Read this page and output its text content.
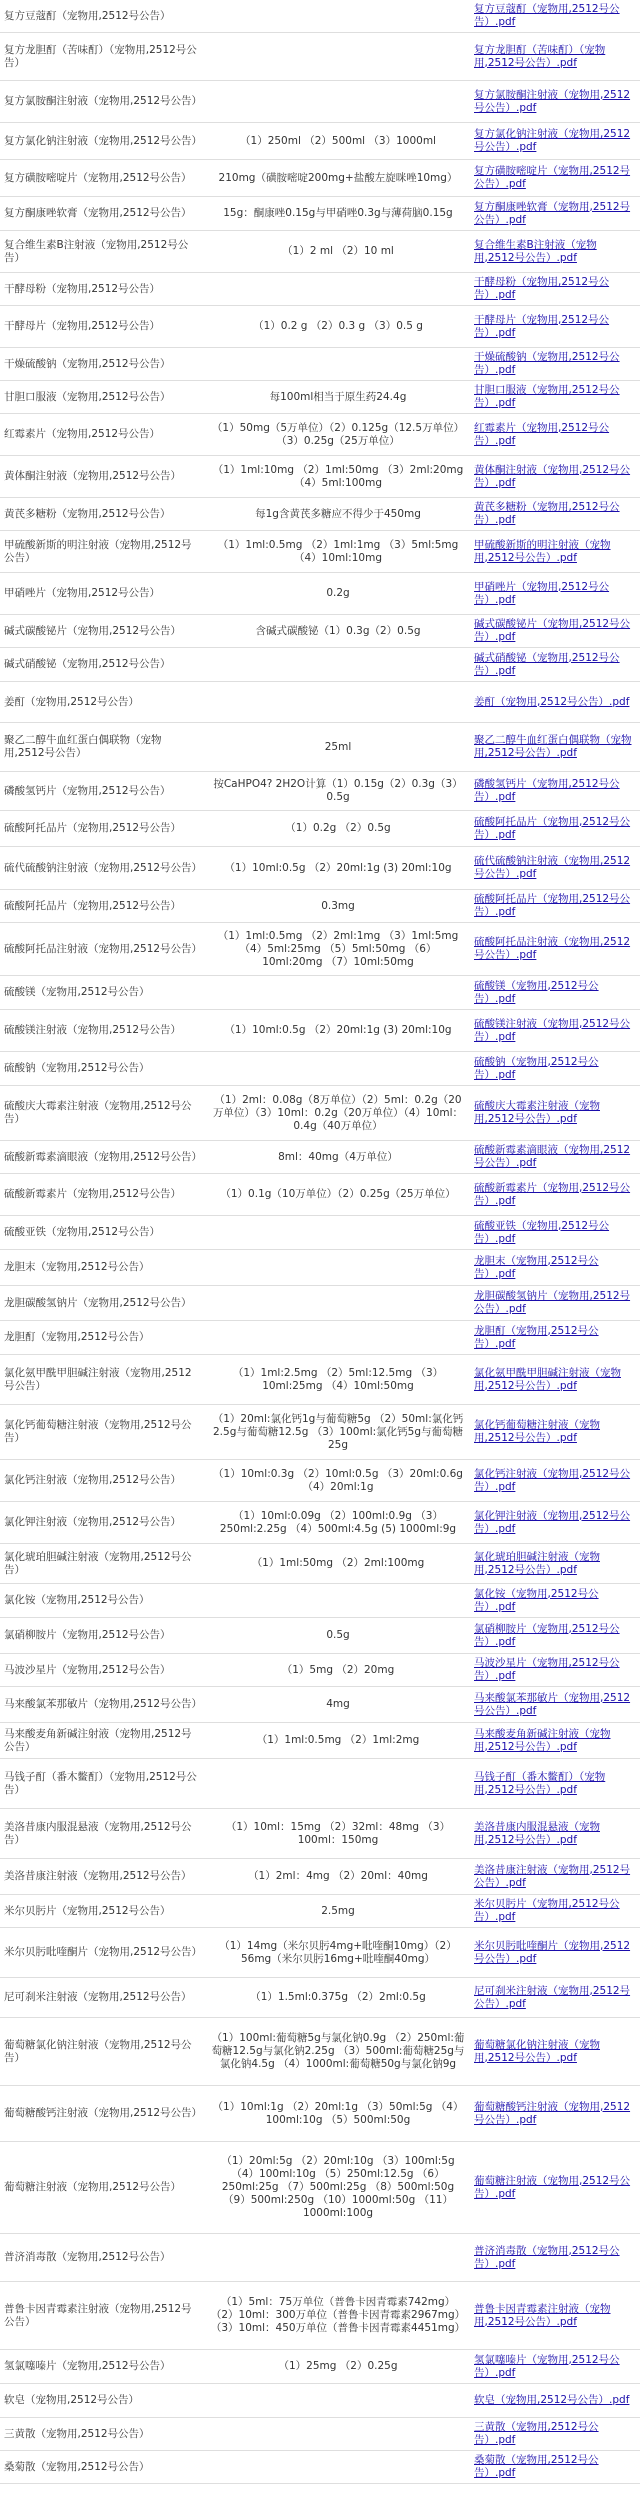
复方豆蔻酊（宠物用,2512号公告）		复方豆蔻酊（宠物用,2512号公告）.pdf
复方龙胆酊（苦味酊）（宠物用,2512号公告）		复方龙胆酊（苦味酊）（宠物用,2512号公告）.pdf
复方氯胺酮注射液（宠物用,2512号公告）		复方氯胺酮注射液（宠物用,2512号公告）.pdf
复方氯化钠注射液（宠物用,2512号公告）	（1）250ml （2）500ml （3）1000ml	复方氯化钠注射液（宠物用,2512号公告）.pdf
复方磺胺嘧啶片（宠物用,2512号公告）	210mg（磺胺嘧啶200mg+盐酸左旋咪唑10mg）	复方磺胺嘧啶片（宠物用,2512号公告）.pdf
复方酮康唑软膏（宠物用,2512号公告）	15g：酮康唑0.15g与甲硝唑0.3g与薄荷脑0.15g	复方酮康唑软膏（宠物用,2512号公告）.pdf
复合维生素B注射液（宠物用,2512号公告）	（1）2 ml （2）10 ml	复合维生素B注射液（宠物用,2512号公告）.pdf
干酵母粉（宠物用,2512号公告）		干酵母粉（宠物用,2512号公告）.pdf
干酵母片（宠物用,2512号公告）	（1）0.2 g （2）0.3 g （3）0.5 g	干酵母片（宠物用,2512号公告）.pdf
干燥硫酸钠（宠物用,2512号公告）		干燥硫酸钠（宠物用,2512号公告）.pdf
甘胆口服液（宠物用,2512号公告）	每100ml相当于原生药24.4g	甘胆口服液（宠物用,2512号公告）.pdf
红霉素片（宠物用,2512号公告）	（1）50mg（5万单位）（2）0.125g（12.5万单位）（3）0.25g（25万单位）	红霉素片（宠物用,2512号公告）.pdf
黄体酮注射液（宠物用,2512号公告）	（1）1ml:10mg （2）1ml:50mg （3）2ml:20mg （4）5ml:100mg	黄体酮注射液（宠物用,2512号公告）.pdf
黄芪多糖粉（宠物用,2512号公告）	每1g含黄芪多糖应不得少于450mg	黄芪多糖粉（宠物用,2512号公告）.pdf
甲硫酸新斯的明注射液（宠物用,2512号公告）	（1）1ml:0.5mg （2）1ml:1mg （3）5ml:5mg （4）10ml:10mg	甲硫酸新斯的明注射液（宠物用,2512号公告）.pdf
甲硝唑片（宠物用,2512号公告）	0.2g	甲硝唑片（宠物用,2512号公告）.pdf
碱式碳酸铋片（宠物用,2512号公告）	含碱式碳酸铋（1）0.3g（2）0.5g	碱式碳酸铋片（宠物用,2512号公告）.pdf
碱式硝酸铋（宠物用,2512号公告）		碱式硝酸铋（宠物用,2512号公告）.pdf
姜酊（宠物用,2512号公告）		姜酊（宠物用,2512号公告）.pdf
聚乙二醇牛血红蛋白偶联物（宠物用,2512号公告）	25ml	聚乙二醇牛血红蛋白偶联物（宠物用,2512号公告）.pdf
磷酸氢钙片（宠物用,2512号公告）	按CaHPO4? 2H2O计算（1）0.15g（2）0.3g（3）0.5g	磷酸氢钙片（宠物用,2512号公告）.pdf
硫酸阿托品片（宠物用,2512号公告）	（1）0.2g （2）0.5g	硫酸阿托品片（宠物用,2512号公告）.pdf
硫代硫酸钠注射液（宠物用,2512号公告）	（1）10ml:0.5g （2）20ml:1g (3) 20ml:10g	硫代硫酸钠注射液（宠物用,2512号公告）.pdf
硫酸阿托品片（宠物用,2512号公告）	0.3mg	硫酸阿托品片（宠物用,2512号公告）.pdf
硫酸阿托品注射液（宠物用,2512号公告）	（1）1ml:0.5mg （2）2ml:1mg （3）1ml:5mg （4）5ml:25mg （5）5ml:50mg （6）10ml:20mg （7）10ml:50mg	硫酸阿托品注射液（宠物用,2512号公告）.pdf
硫酸镁（宠物用,2512号公告）		硫酸镁（宠物用,2512号公告）.pdf
硫酸镁注射液（宠物用,2512号公告）	（1）10ml:0.5g （2）20ml:1g (3) 20ml:10g	硫酸镁注射液（宠物用,2512号公告）.pdf
硫酸钠（宠物用,2512号公告）		硫酸钠（宠物用,2512号公告）.pdf
硫酸庆大霉素注射液（宠物用,2512号公告）	（1）2ml：0.08g（8万单位）（2）5ml：0.2g（20万单位）（3）10ml：0.2g（20万单位）（4）10ml：0.4g（40万单位）	硫酸庆大霉素注射液（宠物用,2512号公告）.pdf
硫酸新霉素滴眼液（宠物用,2512号公告）	8ml：40mg（4万单位）	硫酸新霉素滴眼液（宠物用,2512号公告）.pdf
硫酸新霉素片（宠物用,2512号公告）	（1）0.1g（10万单位）（2）0.25g（25万单位）	硫酸新霉素片（宠物用,2512号公告）.pdf
硫酸亚铁（宠物用,2512号公告）		硫酸亚铁（宠物用,2512号公告）.pdf
龙胆末（宠物用,2512号公告）		龙胆末（宠物用,2512号公告）.pdf
龙胆碳酸氢钠片（宠物用,2512号公告）		龙胆碳酸氢钠片（宠物用,2512号公告）.pdf
龙胆酊（宠物用,2512号公告）		龙胆酊（宠物用,2512号公告）.pdf
氯化氨甲酰甲胆碱注射液（宠物用,2512号公告）	（1）1ml:2.5mg （2）5ml:12.5mg （3）10ml:25mg （4）10ml:50mg	氯化氨甲酰甲胆碱注射液（宠物用,2512号公告）.pdf
氯化钙葡萄糖注射液（宠物用,2512号公告）	（1）20ml:氯化钙1g与葡萄糖5g （2）50ml:氯化钙2.5g与葡萄糖12.5g （3）100ml:氯化钙5g与葡萄糖25g	氯化钙葡萄糖注射液（宠物用,2512号公告）.pdf
氯化钙注射液（宠物用,2512号公告）	（1）10ml:0.3g （2）10ml:0.5g （3）20ml:0.6g （4）20ml:1g	氯化钙注射液（宠物用,2512号公告）.pdf
氯化钾注射液（宠物用,2512号公告）	（1）10ml:0.09g （2）100ml:0.9g （3）250ml:2.25g （4）500ml:4.5g (5) 1000ml:9g	氯化钾注射液（宠物用,2512号公告）.pdf
氯化琥珀胆碱注射液（宠物用,2512号公告）	（1）1ml:50mg （2）2ml:100mg	氯化琥珀胆碱注射液（宠物用,2512号公告）.pdf
氯化铵（宠物用,2512号公告）		氯化铵（宠物用,2512号公告）.pdf
氯硝柳胺片（宠物用,2512号公告）	0.5g	氯硝柳胺片（宠物用,2512号公告）.pdf
马波沙星片（宠物用,2512号公告）	（1）5mg （2）20mg	马波沙星片（宠物用,2512号公告）.pdf
马来酸氯苯那敏片（宠物用,2512号公告）	4mg	马来酸氯苯那敏片（宠物用,2512号公告）.pdf
马来酸麦角新碱注射液（宠物用,2512号公告）	（1）1ml:0.5mg （2）1ml:2mg	马来酸麦角新碱注射液（宠物用,2512号公告）.pdf
马钱子酊（番木鳖酊）（宠物用,2512号公告）		马钱子酊（番木鳖酊）（宠物用,2512号公告）.pdf
美洛昔康内服混悬液（宠物用,2512号公告）	（1）10ml：15mg （2）32ml：48mg （3）100ml：150mg	美洛昔康内服混悬液（宠物用,2512号公告）.pdf
美洛昔康注射液（宠物用,2512号公告）	（1）2ml：4mg （2）20ml：40mg	美洛昔康注射液（宠物用,2512号公告）.pdf
米尔贝肟片（宠物用,2512号公告）	2.5mg	米尔贝肟片（宠物用,2512号公告）.pdf
米尔贝肟吡喹酮片（宠物用,2512号公告）	（1）14mg（米尔贝肟4mg+吡喹酮10mg）（2）56mg（米尔贝肟16mg+吡喹酮40mg）	米尔贝肟吡喹酮片（宠物用,2512号公告）.pdf
尼可刹米注射液（宠物用,2512号公告）	（1）1.5ml:0.375g （2）2ml:0.5g	尼可刹米注射液（宠物用,2512号公告）.pdf
葡萄糖氯化钠注射液（宠物用,2512号公告）	（1）100ml:葡萄糖5g与氯化钠0.9g （2）250ml:葡萄糖12.5g与氯化钠2.25g （3）500ml:葡萄糖25g与氯化钠4.5g （4）1000ml:葡萄糖50g与氯化钠9g	葡萄糖氯化钠注射液（宠物用,2512号公告）.pdf
葡萄糖酸钙注射液（宠物用,2512号公告）	（1）10ml:1g （2）20ml:1g （3）50ml:5g （4）100ml:10g （5）500ml:50g	葡萄糖酸钙注射液（宠物用,2512号公告）.pdf
葡萄糖注射液（宠物用,2512号公告）	（1）20ml:5g （2）20ml:10g （3）100ml:5g （4）100ml:10g （5）250ml:12.5g （6）250ml:25g （7）500ml:25g （8）500ml:50g （9）500ml:250g （10）1000ml:50g （11）1000ml:100g	葡萄糖注射液（宠物用,2512号公告）.pdf
普济消毒散（宠物用,2512号公告）		普济消毒散（宠物用,2512号公告）.pdf
普鲁卡因青霉素注射液（宠物用,2512号公告）	（1）5ml：75万单位（普鲁卡因青霉素742mg） （2）10ml：300万单位（普鲁卡因青霉素2967mg） （3）10ml：450万单位（普鲁卡因青霉素4451mg）	普鲁卡因青霉素注射液（宠物用,2512号公告）.pdf
氢氯噻嗪片（宠物用,2512号公告）	（1）25mg （2）0.25g	氢氯噻嗪片（宠物用,2512号公告）.pdf
软皂（宠物用,2512号公告）		软皂（宠物用,2512号公告）.pdf
三黄散（宠物用,2512号公告）		三黄散（宠物用,2512号公告）.pdf
桑菊散（宠物用,2512号公告）		桑菊散（宠物用,2512号公告）.pdf
